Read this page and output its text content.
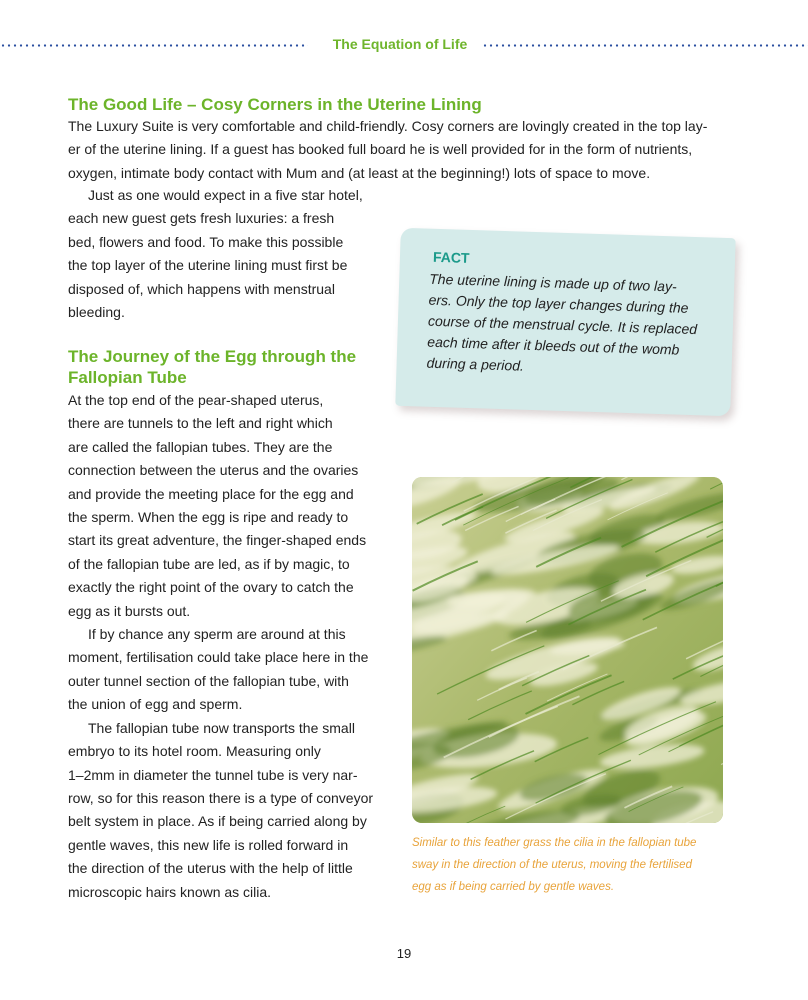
The Equation of Life
The Good Life – Cosy Corners in the Uterine Lining
The Luxury Suite is very comfortable and child-friendly. Cosy corners are lovingly created in the top lay-
er of the uterine lining. If a guest has booked full board he is well provided for in the form of nutrients,
oxygen, intimate body contact with Mum and (at least at the beginning!) lots of space to move.
Just as one would expect in a five star hotel,
each new guest gets fresh luxuries: a fresh
bed, flowers and food. To make this possible
the top layer of the uterine lining must first be
disposed of, which happens with menstrual
bleeding.
FACT
The uterine lining is made up of two lay-
ers. Only the top layer changes during the
course of the menstrual cycle. It is replaced
each time after it bleeds out of the womb
during a period.
The Journey of the Egg through the
Fallopian Tube
At the top end of the pear-shaped uterus,
there are tunnels to the left and right which
are called the fallopian tubes. They are the
connection between the uterus and the ovaries
and provide the meeting place for the egg and
the sperm. When the egg is ripe and ready to
start its great adventure, the finger-shaped ends
of the fallopian tube are led, as if by magic, to
exactly the right point of the ovary to catch the
egg as it bursts out.
If by chance any sperm are around at this
moment, fertilisation could take place here in the
outer tunnel section of the fallopian tube, with
the union of egg and sperm.
The fallopian tube now transports the small
embryo to its hotel room. Measuring only
1–2mm in diameter the tunnel tube is very nar-
row, so for this reason there is a type of conveyor
belt system in place. As if being carried along by
gentle waves, this new life is rolled forward in
the direction of the uterus with the help of little
microscopic hairs known as cilia.
Similar to this feather grass the cilia in the fallopian tube
sway in the direction of the uterus, moving the fertilised
egg as if being carried by gentle waves.
19
